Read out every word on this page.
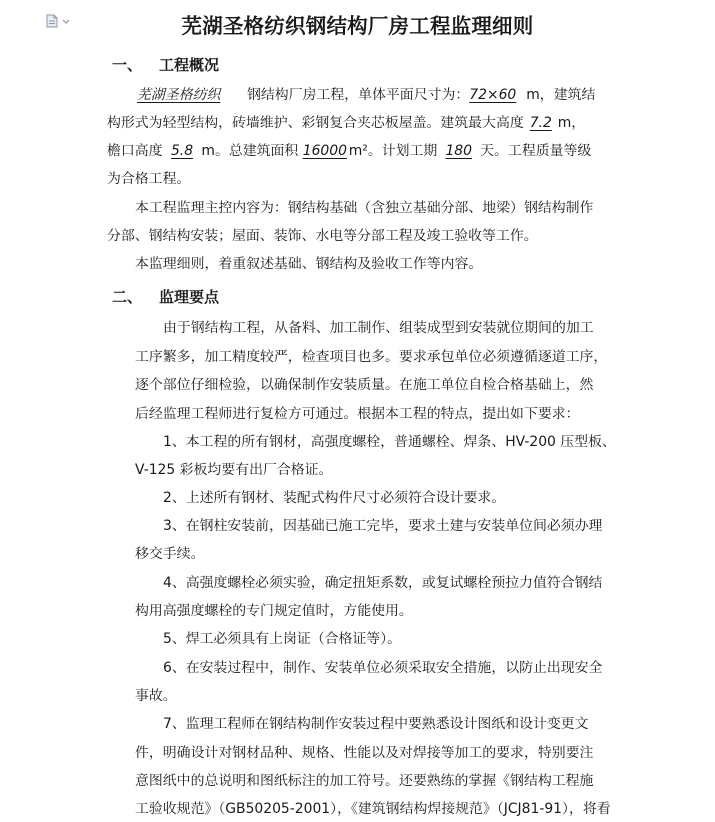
芜湖圣格纺织钢结构厂房工程监理细则
一、 工程概况
芜湖圣格纺织 钢结构厂房工程，单体平面尺寸为：72×60 m，建筑结
构形式为轻型结构，砖墙维护、彩钢复合夹芯板屋盖。建筑最大高度 7.2 m，
檐口高度 5.8 m。总建筑面积 16000 m²。计划工期 180 天。工程质量等级
为合格工程。
本工程监理主控内容为：钢结构基础（含独立基础分部、地梁）钢结构制作
分部、钢结构安装；屋面、装饰、水电等分部工程及竣工验收等工作。
本监理细则，着重叙述基础、钢结构及验收工作等内容。
二、 监理要点
由于钢结构工程，从备料、加工制作、组装成型到安装就位期间的加工
工序繁多，加工精度较严，检查项目也多。要求承包单位必须遵循逐道工序，
逐个部位仔细检验，以确保制作安装质量。在施工单位自检合格基础上，然
后经监理工程师进行复检方可通过。根据本工程的特点，提出如下要求：
1、本工程的所有钢材，高强度螺栓，普通螺栓、焊条、HV-200 压型板、
V-125 彩板均要有出厂合格证。
2、上述所有钢材、装配式构件尺寸必须符合设计要求。
3、在钢柱安装前，因基础已施工完毕，要求土建与安装单位间必须办理
移交手续。
4、高强度螺栓必须实验，确定扭矩系数，或复试螺栓预拉力值符合钢结
构用高强度螺栓的专门规定值时，方能使用。
5、焊工必须具有上岗证（合格证等）。
6、在安装过程中，制作、安装单位必须采取安全措施，以防止出现安全
事故。
7、监理工程师在钢结构制作安装过程中要熟悉设计图纸和设计变更文
件，明确设计对钢材品种、规格、性能以及对焊接等加工的要求，特别要注
意图纸中的总说明和图纸标注的加工符号。还要熟练的掌握《钢结构工程施
工验收规范》（GB50205-2001），《建筑钢结构焊接规范》（JCJ81-91），将看
